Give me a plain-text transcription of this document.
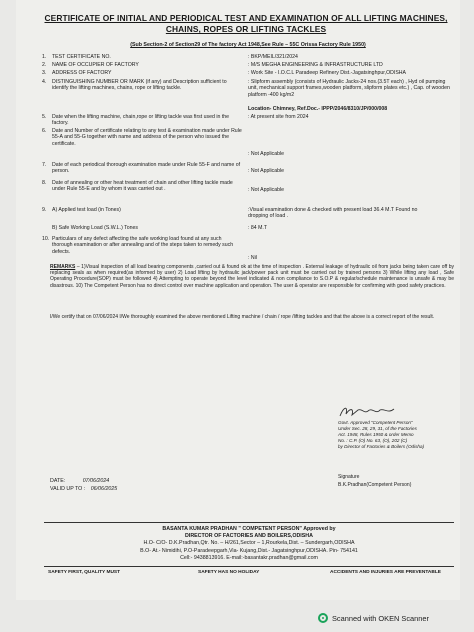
CERTIFICATE OF INITIAL AND PERIODICAL TEST AND EXAMINATION OF ALL LIFTING MACHINES, CHAINS, ROPES OR LIFTING TACKLES
(Sub Section-2 of Section29 of The factory Act 1948,See Rule – 55C Orissa Factory Rule 1950)
1. TEST CERTIFICATE NO.	: BKP/MEIL/321/2024
2. NAME OF OCCUPIER OF FACTORY	: M/S MEGHA ENGINEERING & INFRASTRUCTURE LTD
3. ADDRESS OF FACTORY	: Work Site - I.O.C.L Paradeep Refinery Dist.-Jagatsinghpur,ODISHA
4. DISTINGUISHING NUMBER OR MARK (if any) and Description sufficient to identify the lifting machines, chains, rope or lifting tackle.
: Slipform assembly (consists of Hydraulic Jacks-24 nos.(3.5T each) , Hyd oil pumping unit, mechanical support frames,wooden platform, slipform plates etc.) , Cap. of wooden platform -400 kg/m2
Location- Chimney, Ref.Doc.- IPPP/2046/8310/JP/000/008
5. Date when the lifting machine, chain,rope or lifting tackle was first used in the factory.
: At present site from 2024
6. Date and Number of certificate relating to any test & examination made under Rule 55-A and 55-G together with name and address of the person who issued the certificate.
: Not Applicable
7. Date of each periodical thorough examination made under Rule 55-F and name of person.	: Not Applicable
8. Date of annealing or other heat treatment of chain and other lifting tackle made under Rule 55-E and by whom it was carried out .	: Not Applicable
9. A) Applied test load (in Tones)	:Visual examination done & checked with present load 36.4 M.T Found no dropping of load .
B) Safe Working Load (S.W.L.) Tones	: 84 M.T
10. Particulars of any defect affecting the safe working load found at any such thorough examination or after annealing and of the steps taken to remedy such defects.
: Nil
REMARKS – 1)Visual inspection of all load bearing components ,carried out & found ok at the time of inspection . External leakage of hydraulic oil from jacks being taken care off by replacing seals as when required(as informed by user) 2) Load lifting by hydraulic jack/power pack unit must be carried out by trained persons 3) While lifting any load , Safe Operating Procedure(SOP) must be followed 4) Attempting to operate beyond the level indicated & non compliance to S.O.P & regular/schedule maintenance is unsafe & may be disastrous. 10) The Competent Person has no direct control over machine application and operation. The user & operator are responsible for confirming with good safety practices.
I/We certify that on 07/06/2024 I/We thoroughly examined the above mentioned Lifting machine / chain / rope /lifting tackles and that the above is a correct report of the result.
Govt. Approved "Competent Person"
Under Sec. 28, 29, 31, of the Factories
Act. 1948, Rules 1950 & order Memo
No. : C.P. (O) No. 63, (O), 202 (C)
by Director of Factories & Boilers (Odisha)
Signature
B.K.Pradhan(Competent Person)
DATE:	07/06/2024
VALID UP TO : 06/06/2025
BASANTA KUMAR PRADHAN " COMPETENT PERSON" Approved by
DIRECTOR OF FACTORIES AND BOILERS,ODISHA
H.O- C/O- D.K.Pradhan,Qtr. No. – H/261,Sector – 1,Rourkela,Dist. – Sundergarh,ODISHA
B.O- At.- Nimidihi, P.O-Paradeepgarh,Via- Kujang,Dist.- Jagatsinghpur,ODISHA. Pin- 754141
Cell:- 9438813916. E-mail:-basantakr.pradhan@gmail.com
SAFETY FIRST, QUALITY MUST	SAFETY HAS NO HOLIDAY	ACCIDENTS AND INJURIES ARE PREVENTABLE
Scanned with OKEN Scanner
